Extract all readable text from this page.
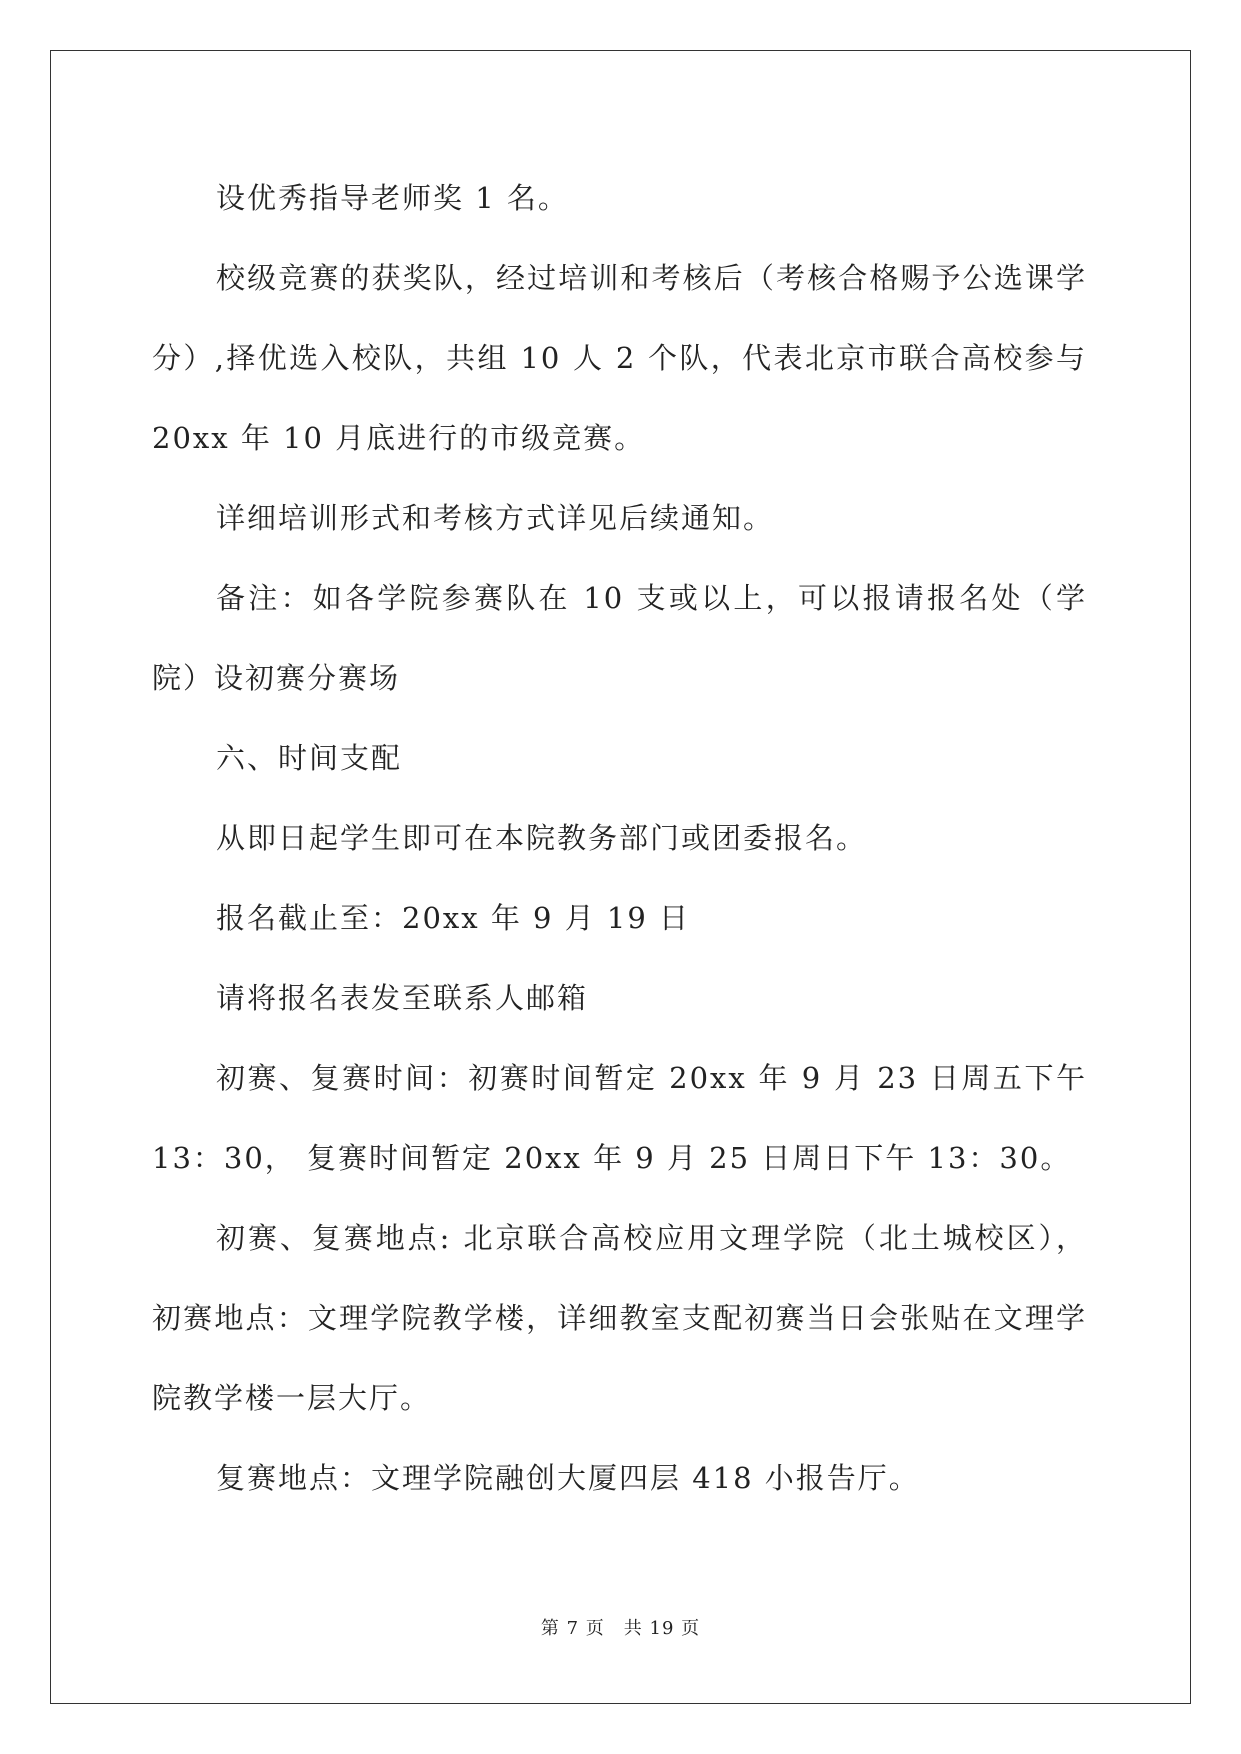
设优秀指导老师奖 1 名。

校级竞赛的获奖队，经过培训和考核后（考核合格赐予公选课学分）,择优选入校队，共组 10 人 2 个队，代表北京市联合高校参与 20xx 年 10 月底进行的市级竞赛。

详细培训形式和考核方式详见后续通知。

备注：如各学院参赛队在 10 支或以上，可以报请报名处（学院）设初赛分赛场

六、时间支配

从即日起学生即可在本院教务部门或团委报名。

报名截止至：20xx 年 9 月 19 日

请将报名表发至联系人邮箱

初赛、复赛时间：初赛时间暂定 20xx 年 9 月 23 日周五下午 13：30， 复赛时间暂定 20xx 年 9 月 25 日周日下午 13：30。

初赛、复赛地点: 北京联合高校应用文理学院（北土城校区），初赛地点：文理学院教学楼，详细教室支配初赛当日会张贴在文理学院教学楼一层大厅。

复赛地点：文理学院融创大厦四层 418 小报告厅。

第 7 页　共 19 页
